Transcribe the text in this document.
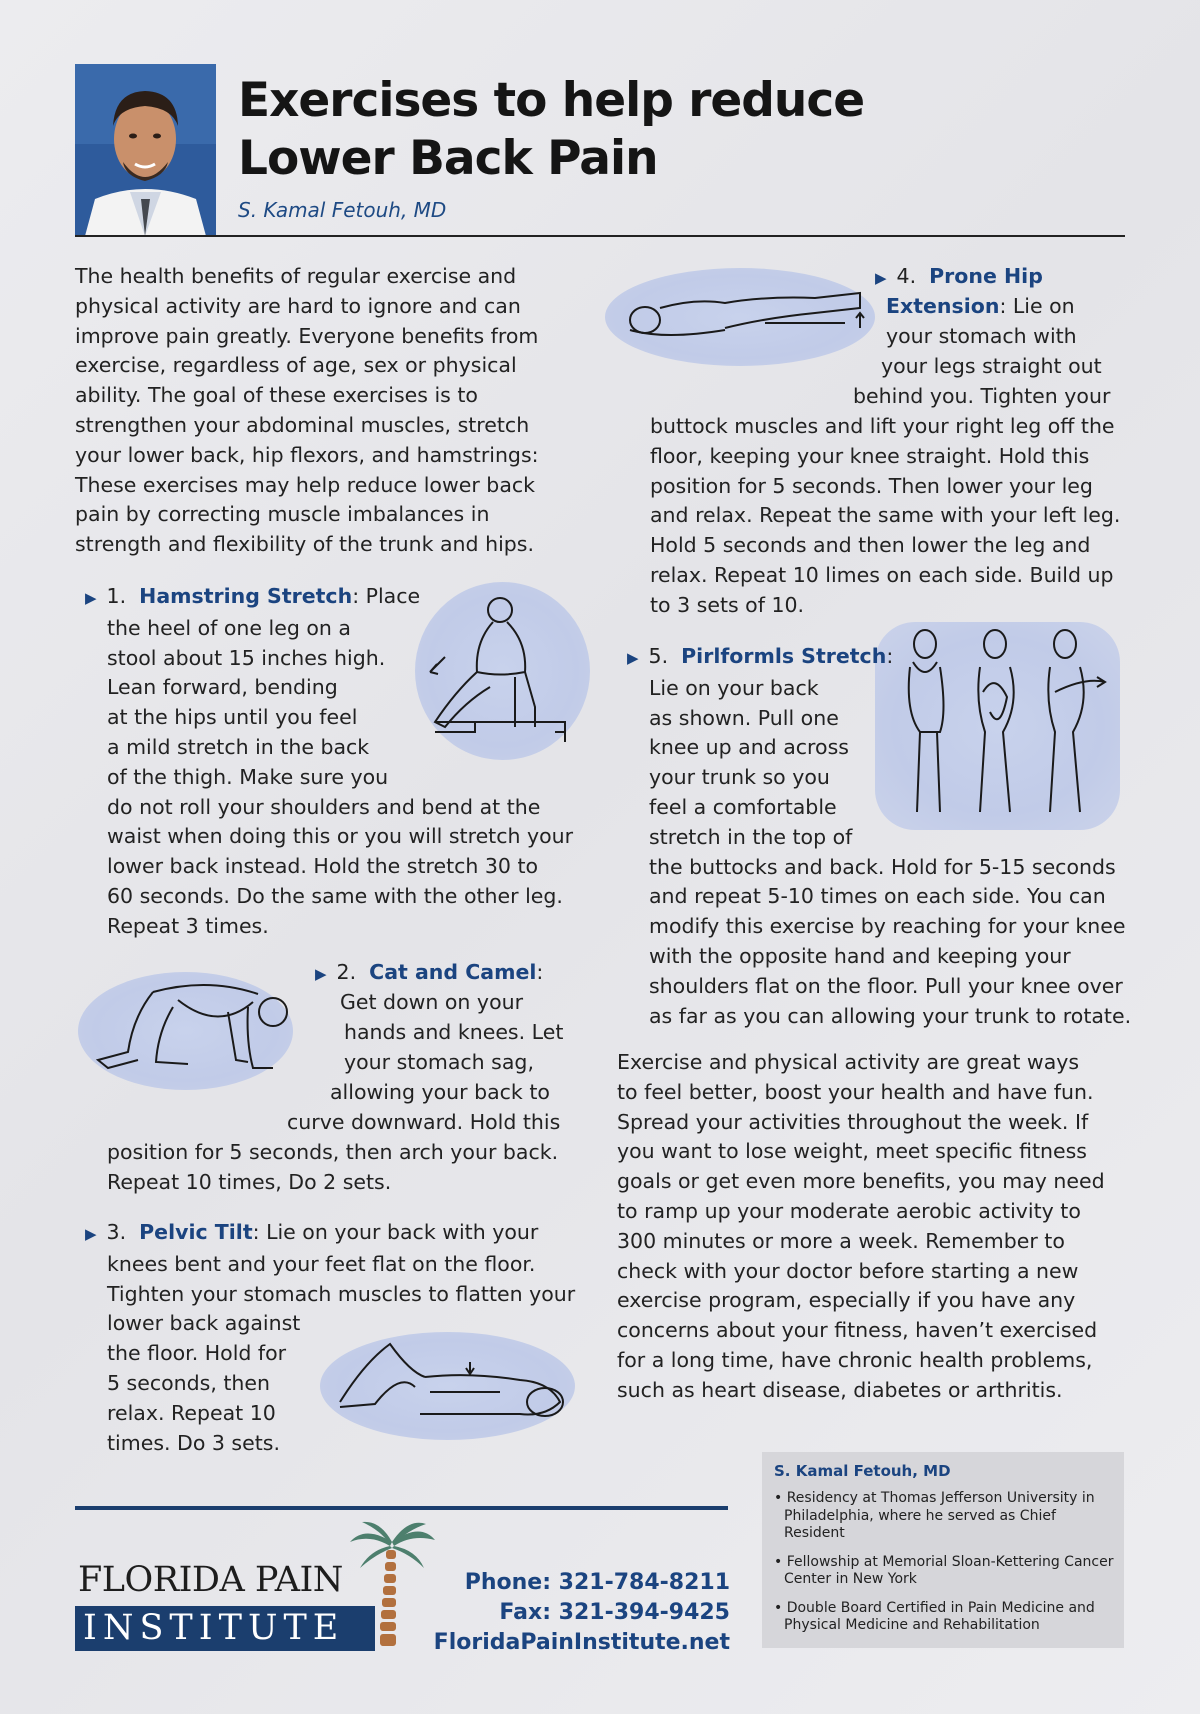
Exercises to help reduce
Lower Back Pain
S. Kamal Fetouh, MD
The health benefits of regular exercise and
physical activity are hard to ignore and can
improve pain greatly. Everyone benefits from
exercise, regardless of age, sex or physical
ability. The goal of these exercises is to
strengthen your abdominal muscles, stretch
your lower back, hip flexors, and hamstrings:
These exercises may help reduce lower back
pain by correcting muscle imbalances in
strength and flexibility of the trunk and hips.
▶ 1. Hamstring Stretch: Place
the heel of one leg on a
stool about 15 inches high.
Lean forward, bending
at the hips until you feel
a mild stretch in the back
of the thigh. Make sure you
do not roll your shoulders and bend at the
waist when doing this or you will stretch your
lower back instead. Hold the stretch 30 to
60 seconds. Do the same with the other leg.
Repeat 3 times.
▶ 2. Cat and Camel:
Get down on your
hands and knees. Let
your stomach sag,
allowing your back to
curve downward. Hold this
position for 5 seconds, then arch your back.
Repeat 10 times, Do 2 sets.
▶ 3. Pelvic Tilt: Lie on your back with your
knees bent and your feet flat on the floor.
Tighten your stomach muscles to flatten your
lower back against
the floor. Hold for
5 seconds, then
relax. Repeat 10
times. Do 3 sets.
▶ 4. Prone Hip
Extension: Lie on
your stomach with
your legs straight out
behind you. Tighten your
buttock muscles and lift your right leg off the
floor, keeping your knee straight. Hold this
position for 5 seconds. Then lower your leg
and relax. Repeat the same with your left leg.
Hold 5 seconds and then lower the leg and
relax. Repeat 10 limes on each side. Build up
to 3 sets of 10.
▶ 5. Pirlformls Stretch:
Lie on your back
as shown. Pull one
knee up and across
your trunk so you
feel a comfortable
stretch in the top of
the buttocks and back. Hold for 5-15 seconds
and repeat 5-10 times on each side. You can
modify this exercise by reaching for your knee
with the opposite hand and keeping your
shoulders flat on the floor. Pull your knee over
as far as you can allowing your trunk to rotate.
Exercise and physical activity are great ways
to feel better, boost your health and have fun.
Spread your activities throughout the week. If
you want to lose weight, meet specific fitness
goals or get even more benefits, you may need
to ramp up your moderate aerobic activity to
300 minutes or more a week. Remember to
check with your doctor before starting a new
exercise program, especially if you have any
concerns about your fitness, haven’t exercised
for a long time, have chronic health problems,
such as heart disease, diabetes or arthritis.
S. Kamal Fetouh, MD
• Residency at Thomas Jefferson University in Philadelphia, where he served as Chief Resident
• Fellowship at Memorial Sloan-Kettering Cancer Center in New York
• Double Board Certified in Pain Medicine and Physical Medicine and Rehabilitation
FLORIDA PAIN
INSTITUTE
Phone: 321-784-8211
Fax: 321-394-9425
FloridaPainInstitute.net
